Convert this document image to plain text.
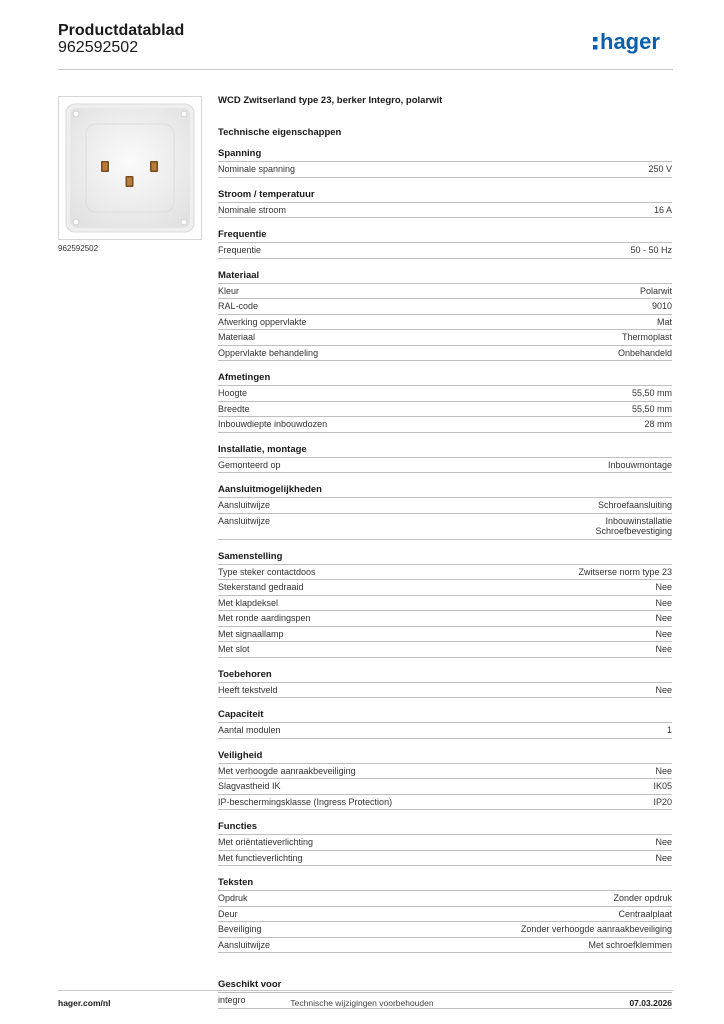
Productdatablad
962592502	hager
962592502
WCD Zwitserland type 23, berker Integro, polarwit
Technische eigenschappen
Spanning
Nominale spanning	250 V
Stroom / temperatuur
Nominale stroom	16 A
Frequentie
Frequentie	50 - 50 Hz
Materiaal
Kleur	Polarwit
RAL-code	9010
Afwerking oppervlakte	Mat
Materiaal	Thermoplast
Oppervlakte behandeling	Onbehandeld
Afmetingen
Hoogte	55,50 mm
Breedte	55,50 mm
Inbouwdiepte inbouwdozen	28 mm
Installatie, montage
Gemonteerd op	Inbouwmontage
Aansluitmogelijkheden
Aansluitwijze	Schroefaansluiting
Aansluitwijze	Inbouwinstallatie
Schroefbevestiging
Samenstelling
Type steker contactdoos	Zwitserse norm type 23
Stekerstand gedraaid	Nee
Met klapdeksel	Nee
Met ronde aardingspen	Nee
Met signaallamp	Nee
Met slot	Nee
Toebehoren
Heeft tekstveld	Nee
Capaciteit
Aantal modulen	1
Veiligheid
Met verhoogde aanraakbeveiliging	Nee
Slagvastheid IK	IK05
IP-beschermingsklasse (Ingress Protection)	IP20
Functies
Met oriëntatieverlichting	Nee
Met functieverlichting	Nee
Teksten
Opdruk	Zonder opdruk
Deur	Centraalplaat
Beveiliging	Zonder verhoogde aanraakbeveiliging
Aansluitwijze	Met schroefklemmen
Geschikt voor
integro
hager.com/nl	Technische wijzigingen voorbehouden	07.03.2026
